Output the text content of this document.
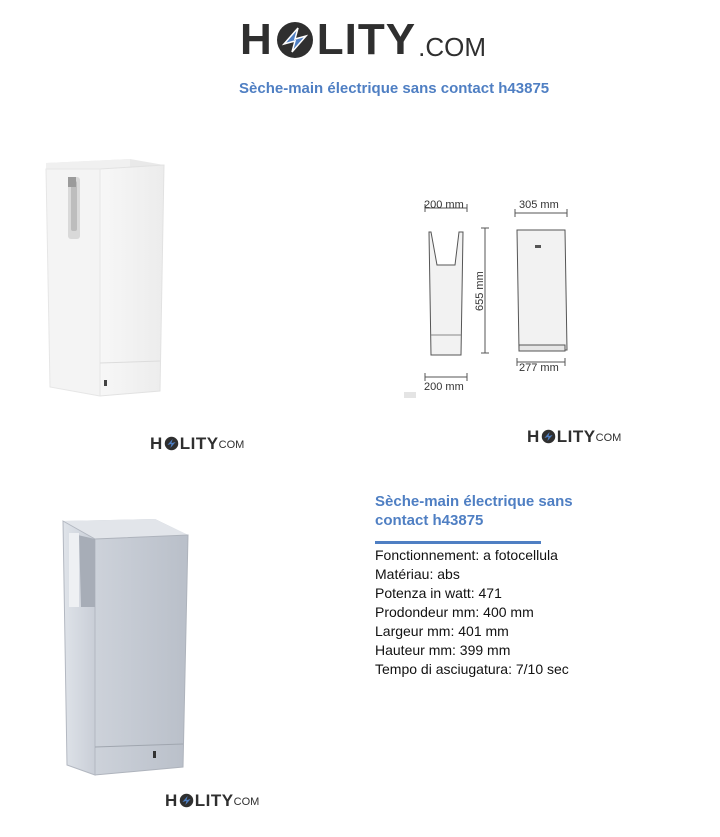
H LITY .COM
Sèche-main électrique sans contact h43875
200 mm
655 mm
200 mm
305 mm
277 mm
H LITY COM	H LITY COM
H LITY COM
Sèche-main électrique sans contact h43875
Fonctionnement: a fotocellula
Matériau: abs
Potenza in watt: 471
Prodondeur mm: 400 mm
Largeur mm: 401 mm
Hauteur mm: 399 mm
Tempo di asciugatura: 7/10 sec
